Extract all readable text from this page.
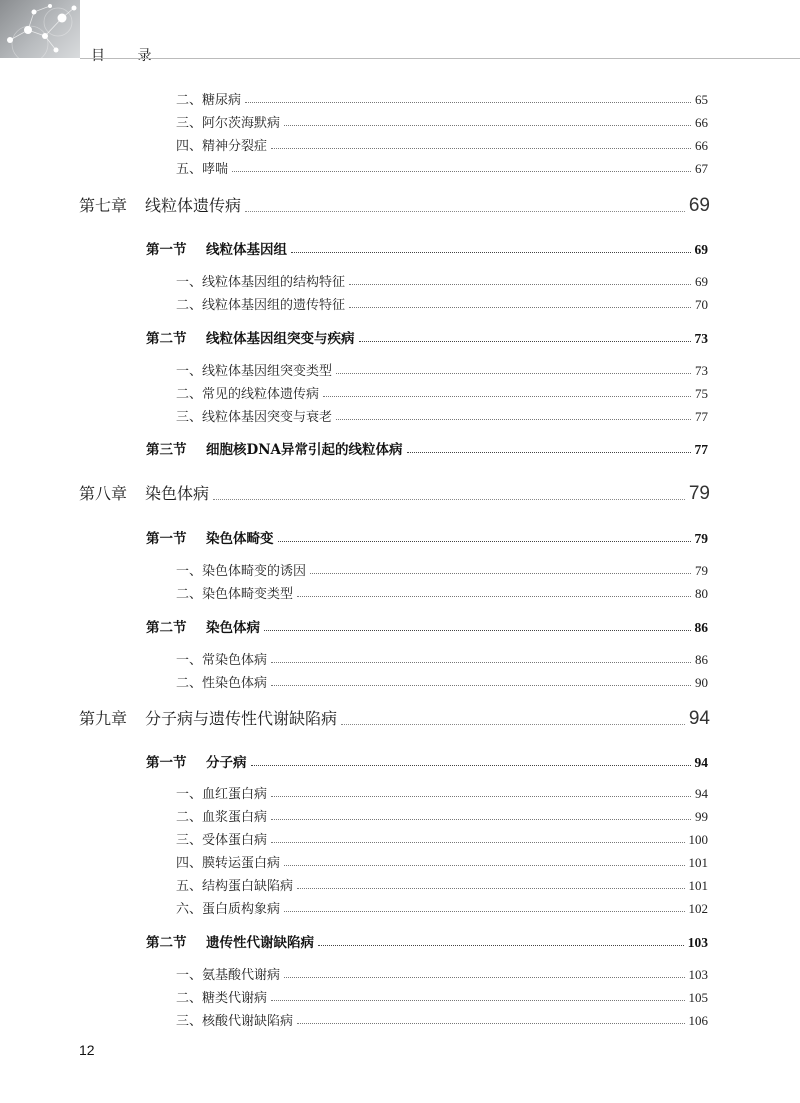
目 录
二、糖尿病	65
三、阿尔茨海默病	66
四、精神分裂症	66
五、哮喘	67
第七章 线粒体遗传病	69
第一节 线粒体基因组	69
一、线粒体基因组的结构特征	69
二、线粒体基因组的遗传特征	70
第二节 线粒体基因组突变与疾病	73
一、线粒体基因组突变类型	73
二、常见的线粒体遗传病	75
三、线粒体基因突变与衰老	77
第三节 细胞核DNA异常引起的线粒体病	77
第八章 染色体病	79
第一节 染色体畸变	79
一、染色体畸变的诱因	79
二、染色体畸变类型	80
第二节 染色体病	86
一、常染色体病	86
二、性染色体病	90
第九章 分子病与遗传性代谢缺陷病	94
第一节 分子病	94
一、血红蛋白病	94
二、血浆蛋白病	99
三、受体蛋白病	100
四、膜转运蛋白病	101
五、结构蛋白缺陷病	101
六、蛋白质构象病	102
第二节 遗传性代谢缺陷病	103
一、氨基酸代谢病	103
二、糖类代谢病	105
三、核酸代谢缺陷病	106
12
